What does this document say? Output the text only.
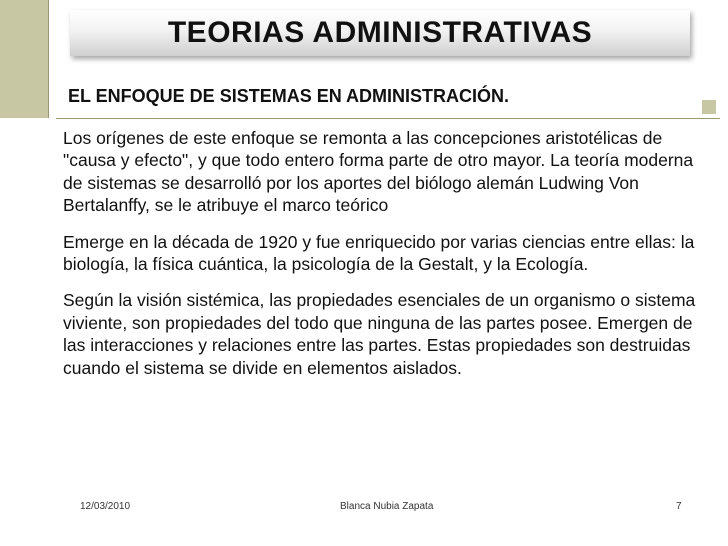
TEORIAS ADMINISTRATIVAS
EL ENFOQUE DE SISTEMAS EN ADMINISTRACIÓN.

Los orígenes de este enfoque se remonta a las concepciones aristotélicas de "causa y efecto", y que todo entero forma parte de otro mayor. La teoría moderna de sistemas se desarrolló por los aportes del biólogo alemán Ludwing Von Bertalanffy, se le atribuye el marco teórico

Emerge en la década de 1920 y fue enriquecido por varias ciencias entre ellas: la biología, la física cuántica, la psicología de la Gestalt, y la Ecología.

Según la visión sistémica, las propiedades esenciales de un organismo o sistema viviente, son propiedades del todo que ninguna de las partes posee. Emergen de las interacciones y relaciones entre las partes. Estas propiedades son destruidas cuando el sistema se divide en elementos aislados.

12/03/2010	Blanca Nubia Zapata	7
